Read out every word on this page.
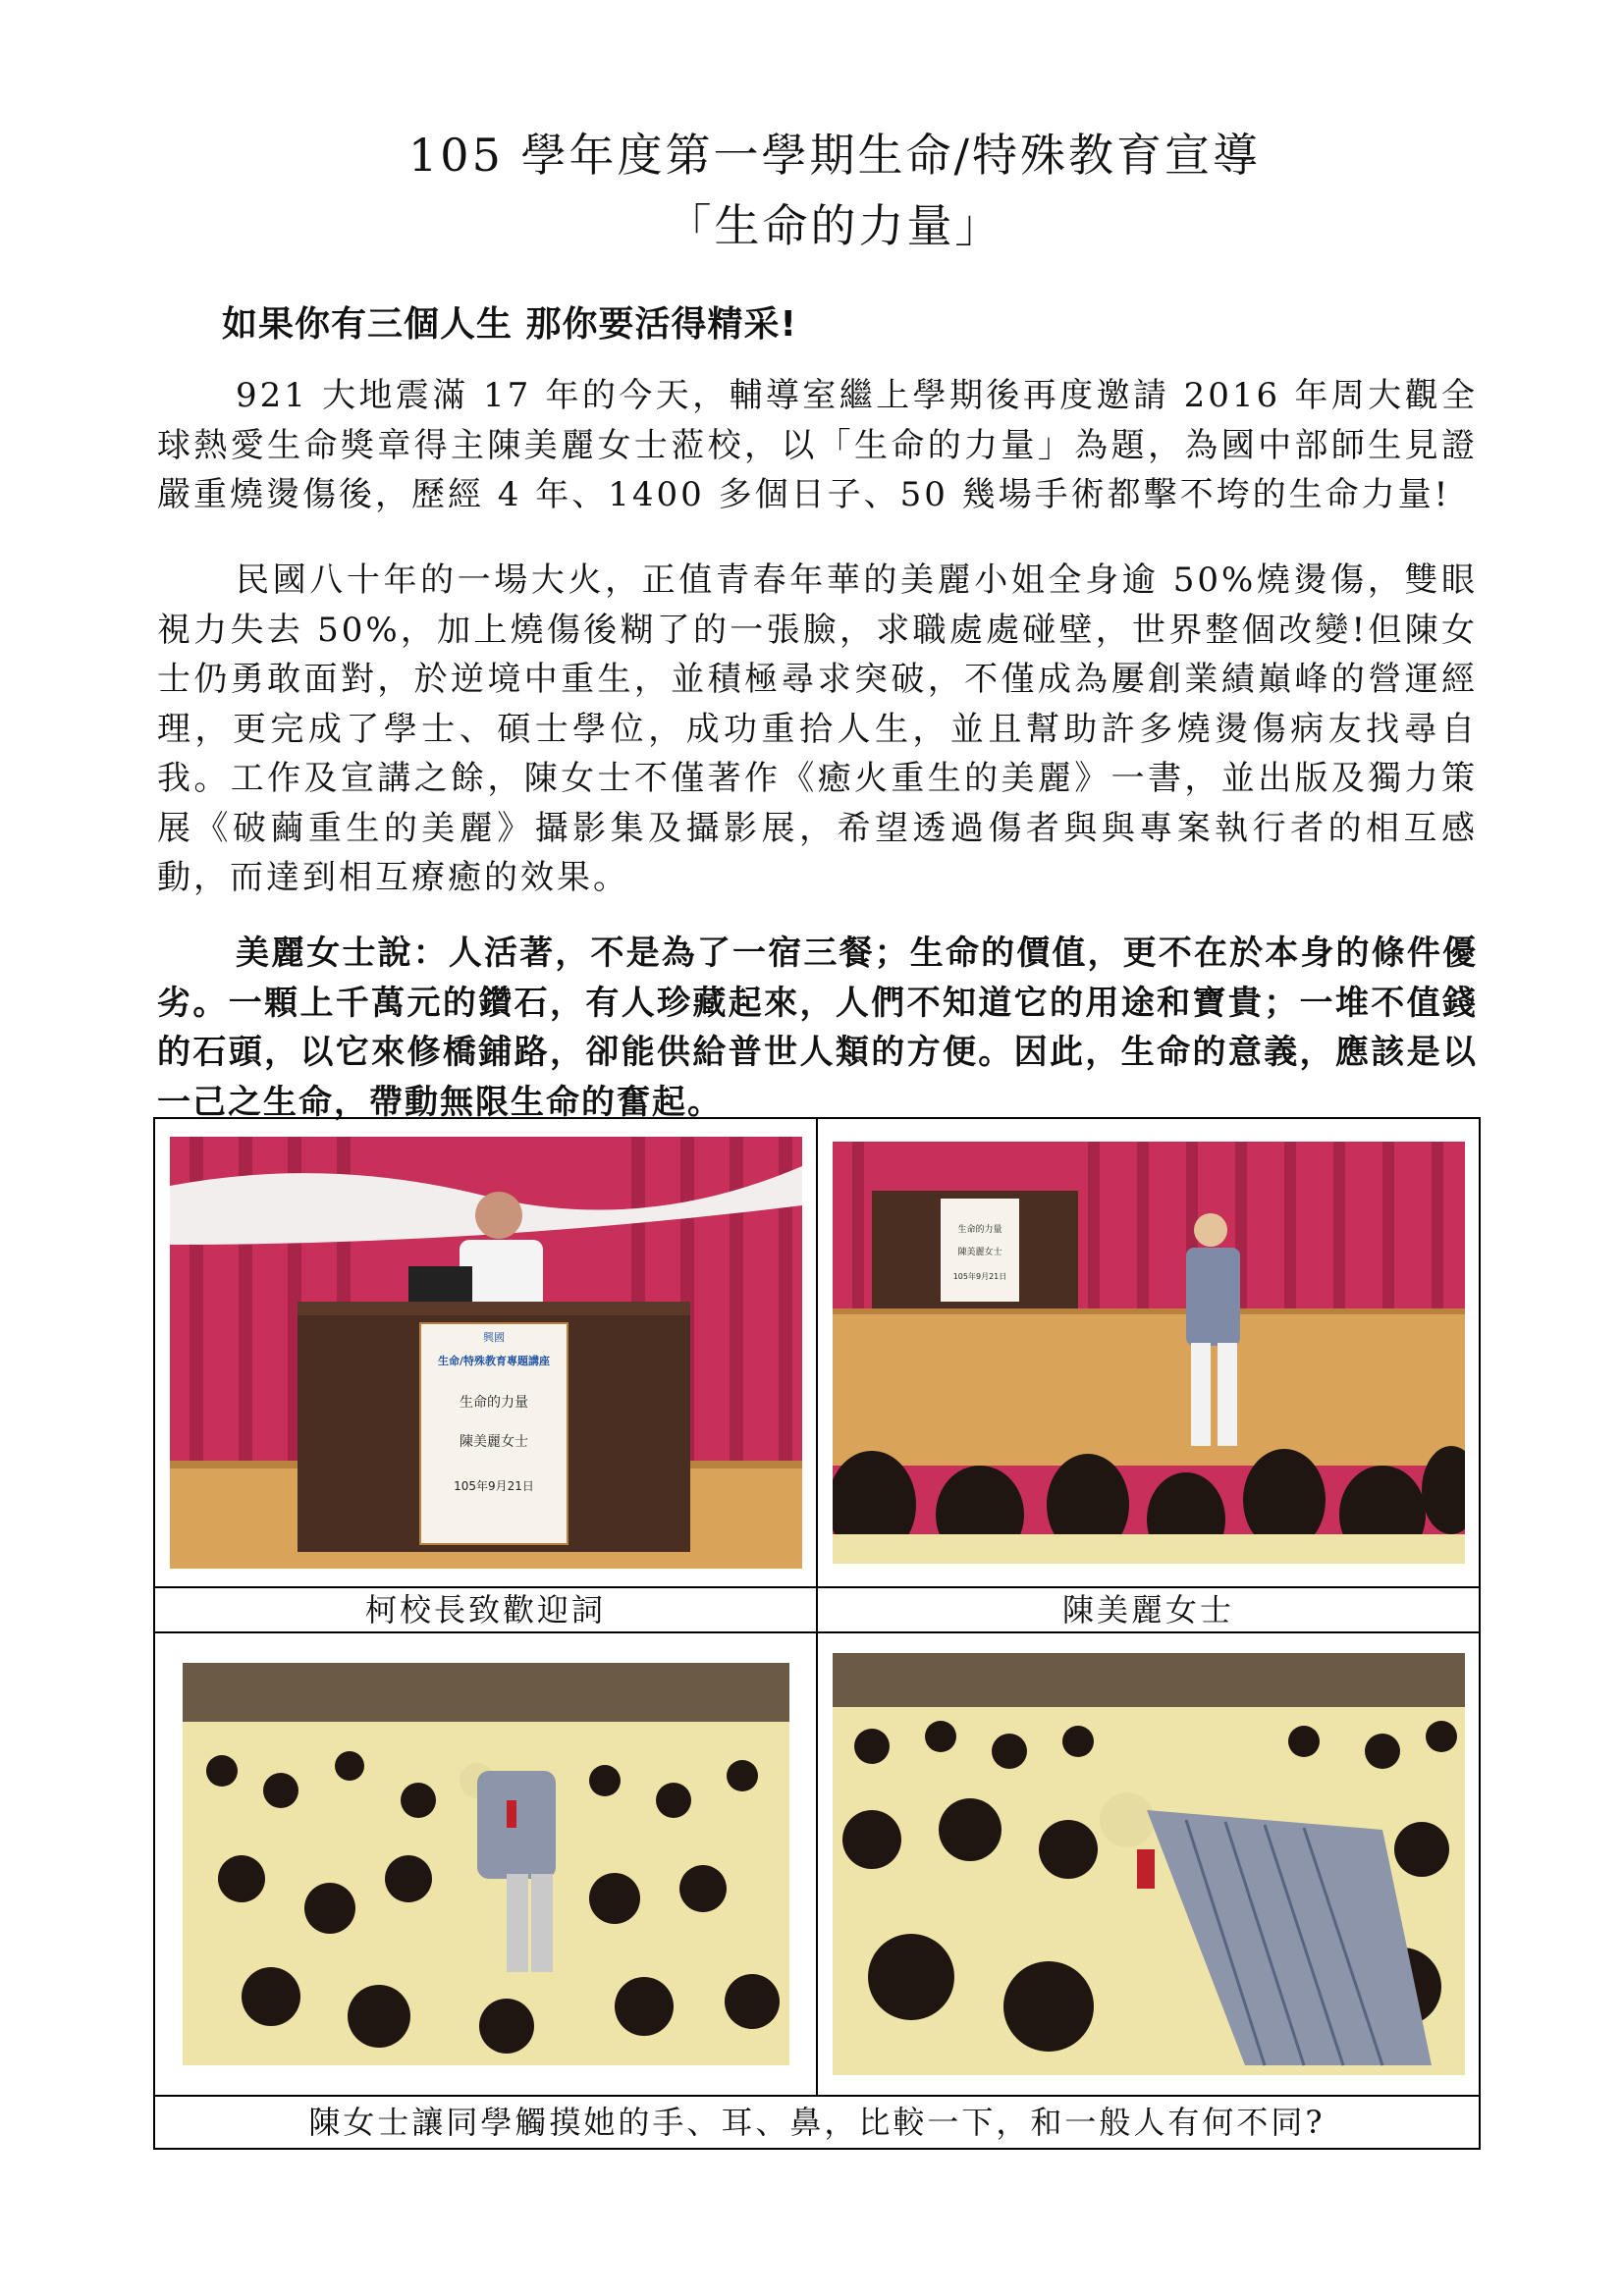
105 學年度第一學期生命/特殊教育宣導
「生命的力量」
如果你有三個人生 那你要活得精采!
921 大地震滿 17 年的今天，輔導室繼上學期後再度邀請 2016 年周大觀全球熱愛生命獎章得主陳美麗女士蒞校，以「生命的力量」為題，為國中部師生見證嚴重燒燙傷後，歷經 4 年、1400 多個日子、50 幾場手術都擊不垮的生命力量!
民國八十年的一場大火，正值青春年華的美麗小姐全身逾 50%燒燙傷，雙眼視力失去 50%，加上燒傷後糊了的一張臉，求職處處碰壁，世界整個改變!但陳女士仍勇敢面對，於逆境中重生，並積極尋求突破，不僅成為屢創業績巔峰的營運經理，更完成了學士、碩士學位，成功重拾人生，並且幫助許多燒燙傷病友找尋自我。工作及宣講之餘，陳女士不僅著作《癒火重生的美麗》一書，並出版及獨力策展《破繭重生的美麗》攝影集及攝影展，希望透過傷者與與專案執行者的相互感動，而達到相互療癒的效果。
美麗女士說：人活著，不是為了一宿三餐；生命的價值，更不在於本身的條件優劣。一顆上千萬元的鑽石，有人珍藏起來，人們不知道它的用途和寶貴；一堆不值錢的石頭，以它來修橋鋪路，卻能供給普世人類的方便。因此，生命的意義，應該是以一己之生命，帶動無限生命的奮起。
興國
生命/特殊教育專題講座
生命的力量
陳美麗女士
105年9月21日	生命的力量
陳美麗女士
105年9月21日

柯校長致歡迎詞	陳美麗女士

陳女士讓同學觸摸她的手、耳、鼻，比較一下，和一般人有何不同?	
